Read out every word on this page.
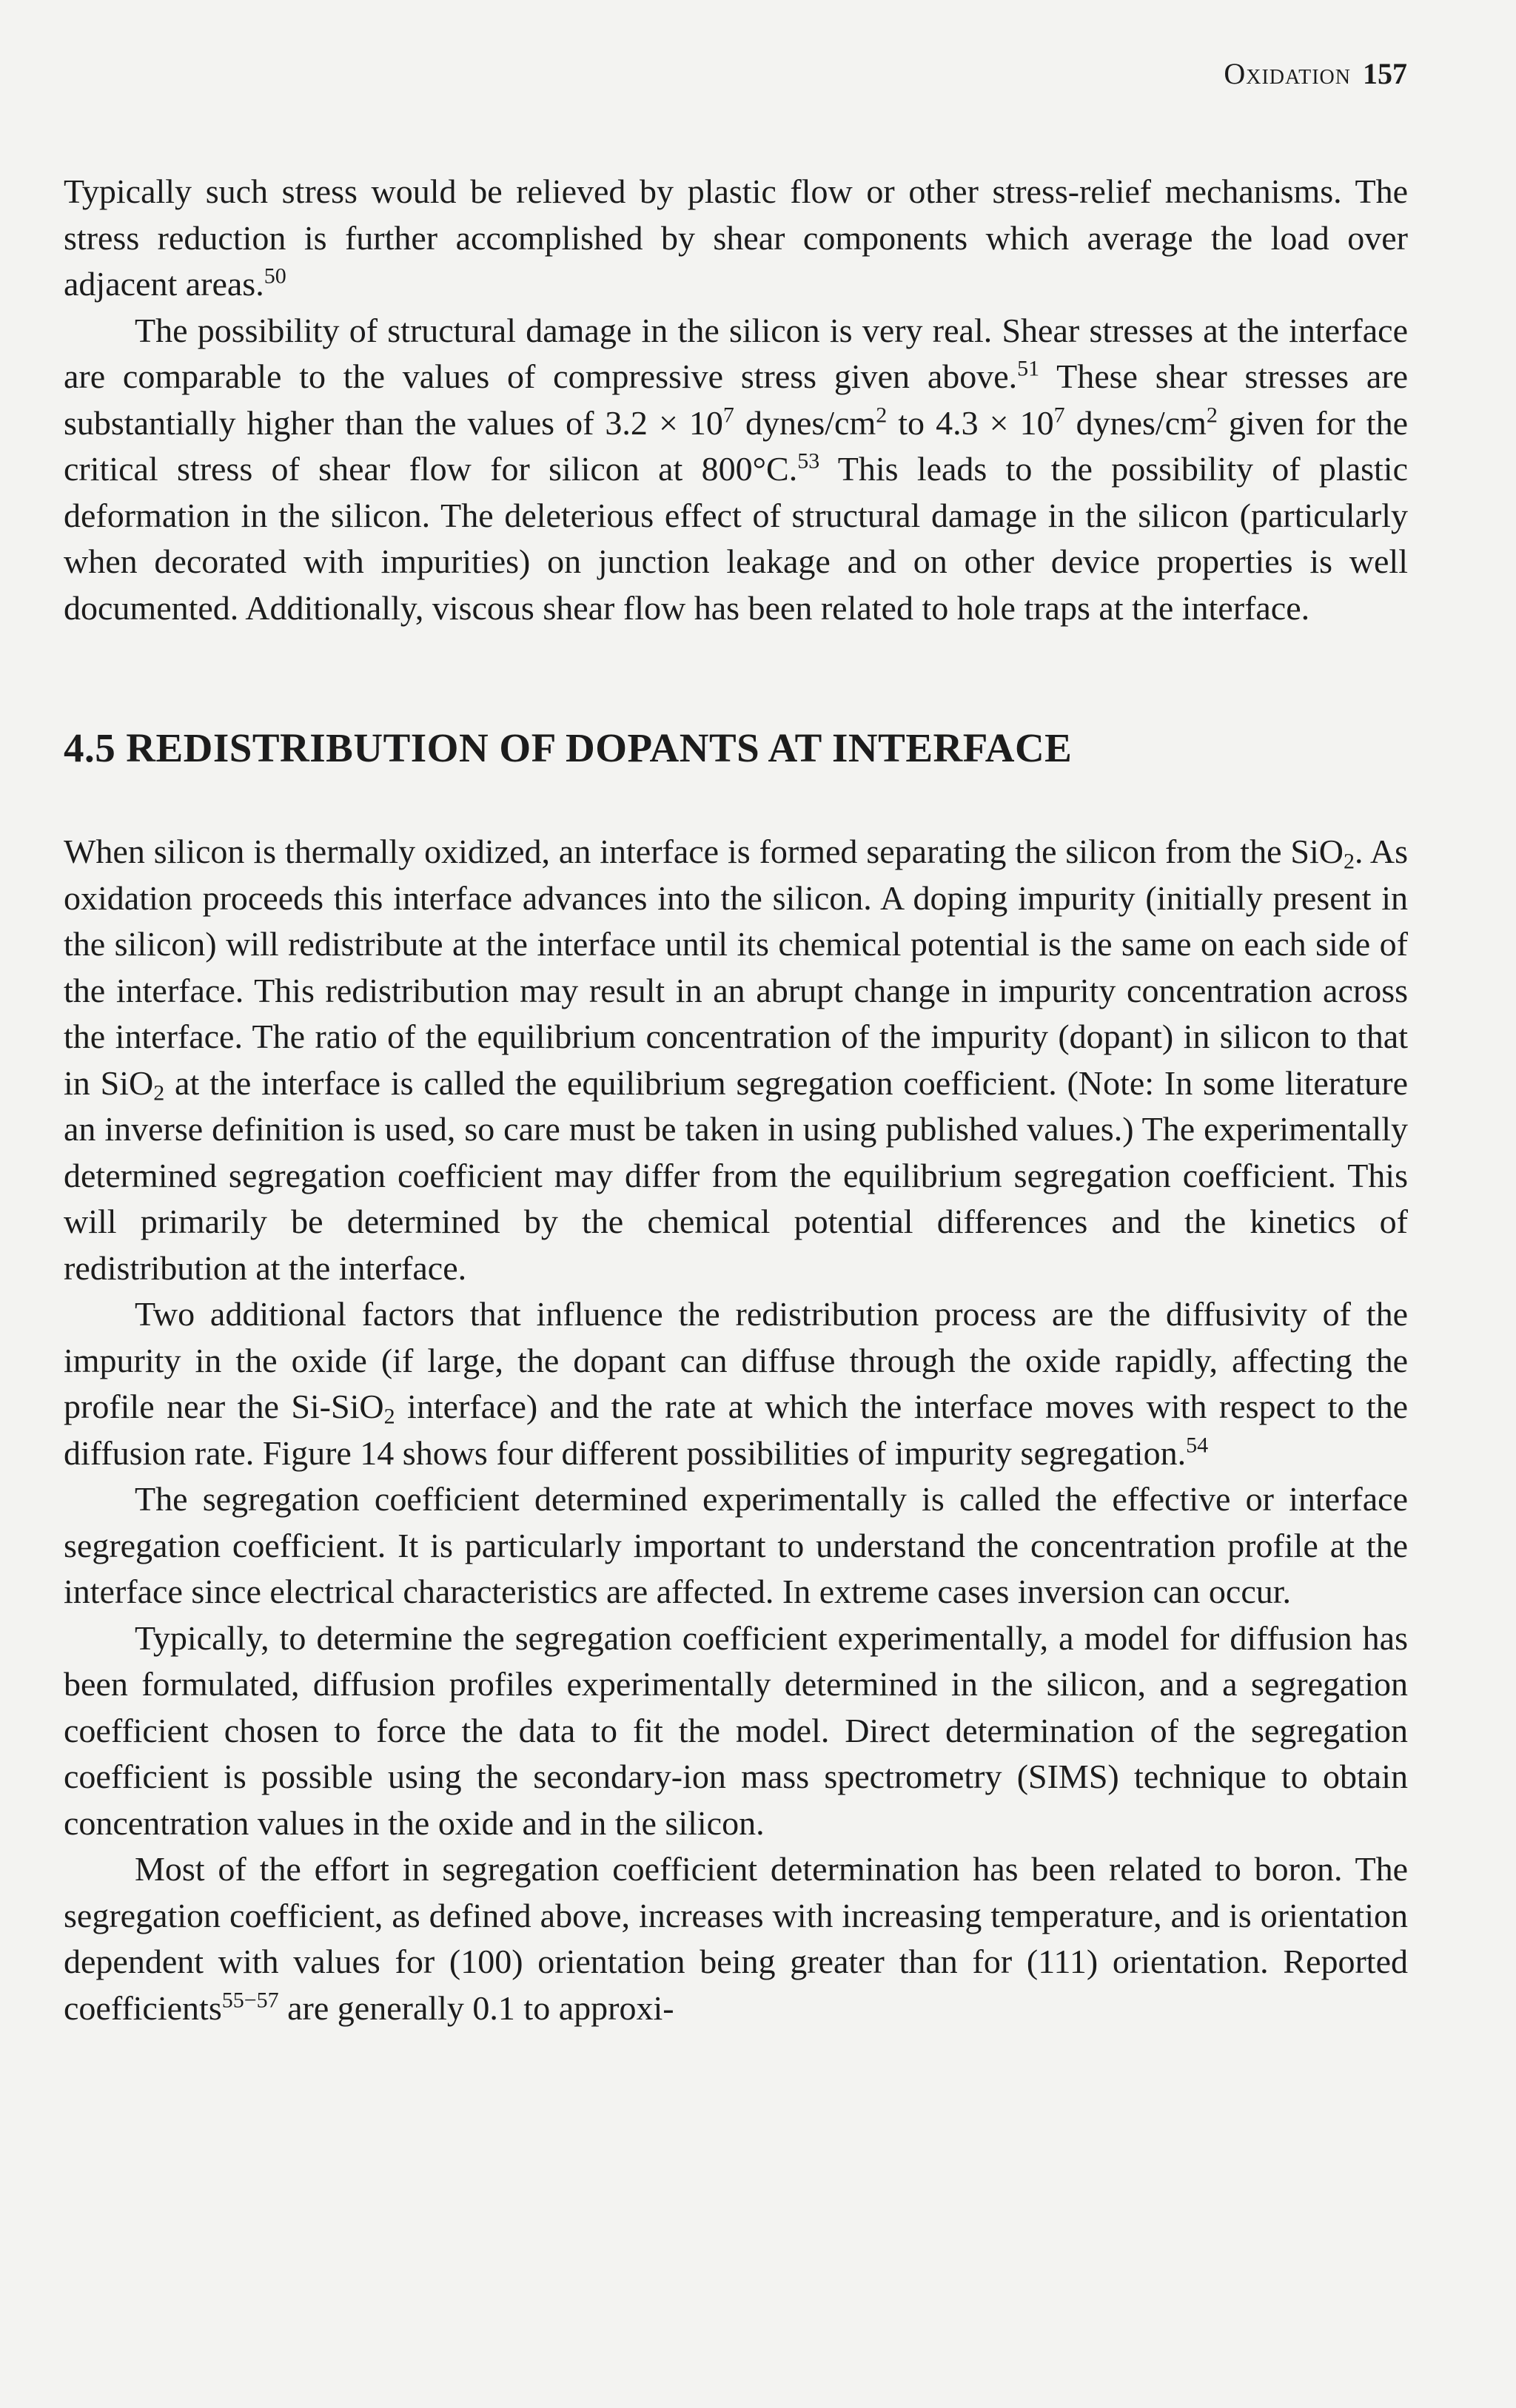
Oxidation 157

Typically such stress would be relieved by plastic flow or other stress-relief mechanisms. The stress reduction is further accomplished by shear components which average the load over adjacent areas.$^{50}$

The possibility of structural damage in the silicon is very real. Shear stresses at the interface are comparable to the values of compressive stress given above.$^{51}$ These shear stresses are substantially higher than the values of $3.2 \times 10^7$ dynes/$cm^2$ to $4.3 \times 10^7$ dynes/$cm^2$ given for the critical stress of shear flow for silicon at 800°C.$^{53}$ This leads to the possibility of plastic deformation in the silicon. The deleterious effect of structural damage in the silicon (particularly when decorated with impurities) on junction leakage and on other device properties is well documented. Additionally, viscous shear flow has been related to hole traps at the interface.

4.5 REDISTRIBUTION OF DOPANTS AT INTERFACE

When silicon is thermally oxidized, an interface is formed separating the silicon from the SiO$_2$. As oxidation proceeds this interface advances into the silicon. A doping impurity (initially present in the silicon) will redistribute at the interface until its chemical potential is the same on each side of the interface. This redistribution may result in an abrupt change in impurity concentration across the interface. The ratio of the equilibrium concentration of the impurity (dopant) in silicon to that in SiO$_2$ at the interface is called the equilibrium segregation coefficient. (Note: In some literature an inverse definition is used, so care must be taken in using published values.) The experimentally determined segregation coefficient may differ from the equilibrium segregation coefficient. This will primarily be determined by the chemical potential differences and the kinetics of redistribution at the interface.

Two additional factors that influence the redistribution process are the diffusivity of the impurity in the oxide (if large, the dopant can diffuse through the oxide rapidly, affecting the profile near the Si-SiO$_2$ interface) and the rate at which the interface moves with respect to the diffusion rate. Figure 14 shows four different possibilities of impurity segregation.$^{54}$

The segregation coefficient determined experimentally is called the effective or interface segregation coefficient. It is particularly important to understand the concentration profile at the interface since electrical characteristics are affected. In extreme cases inversion can occur.

Typically, to determine the segregation coefficient experimentally, a model for diffusion has been formulated, diffusion profiles experimentally determined in the silicon, and a segregation coefficient chosen to force the data to fit the model. Direct determination of the segregation coefficient is possible using the secondary-ion mass spectrometry (SIMS) technique to obtain concentration values in the oxide and in the silicon.

Most of the effort in segregation coefficient determination has been related to boron. The segregation coefficient, as defined above, increases with increasing temperature, and is orientation dependent with values for (100) orientation being greater than for (111) orientation. Reported coefficients$^{55-57}$ are generally 0.1 to approxi-
